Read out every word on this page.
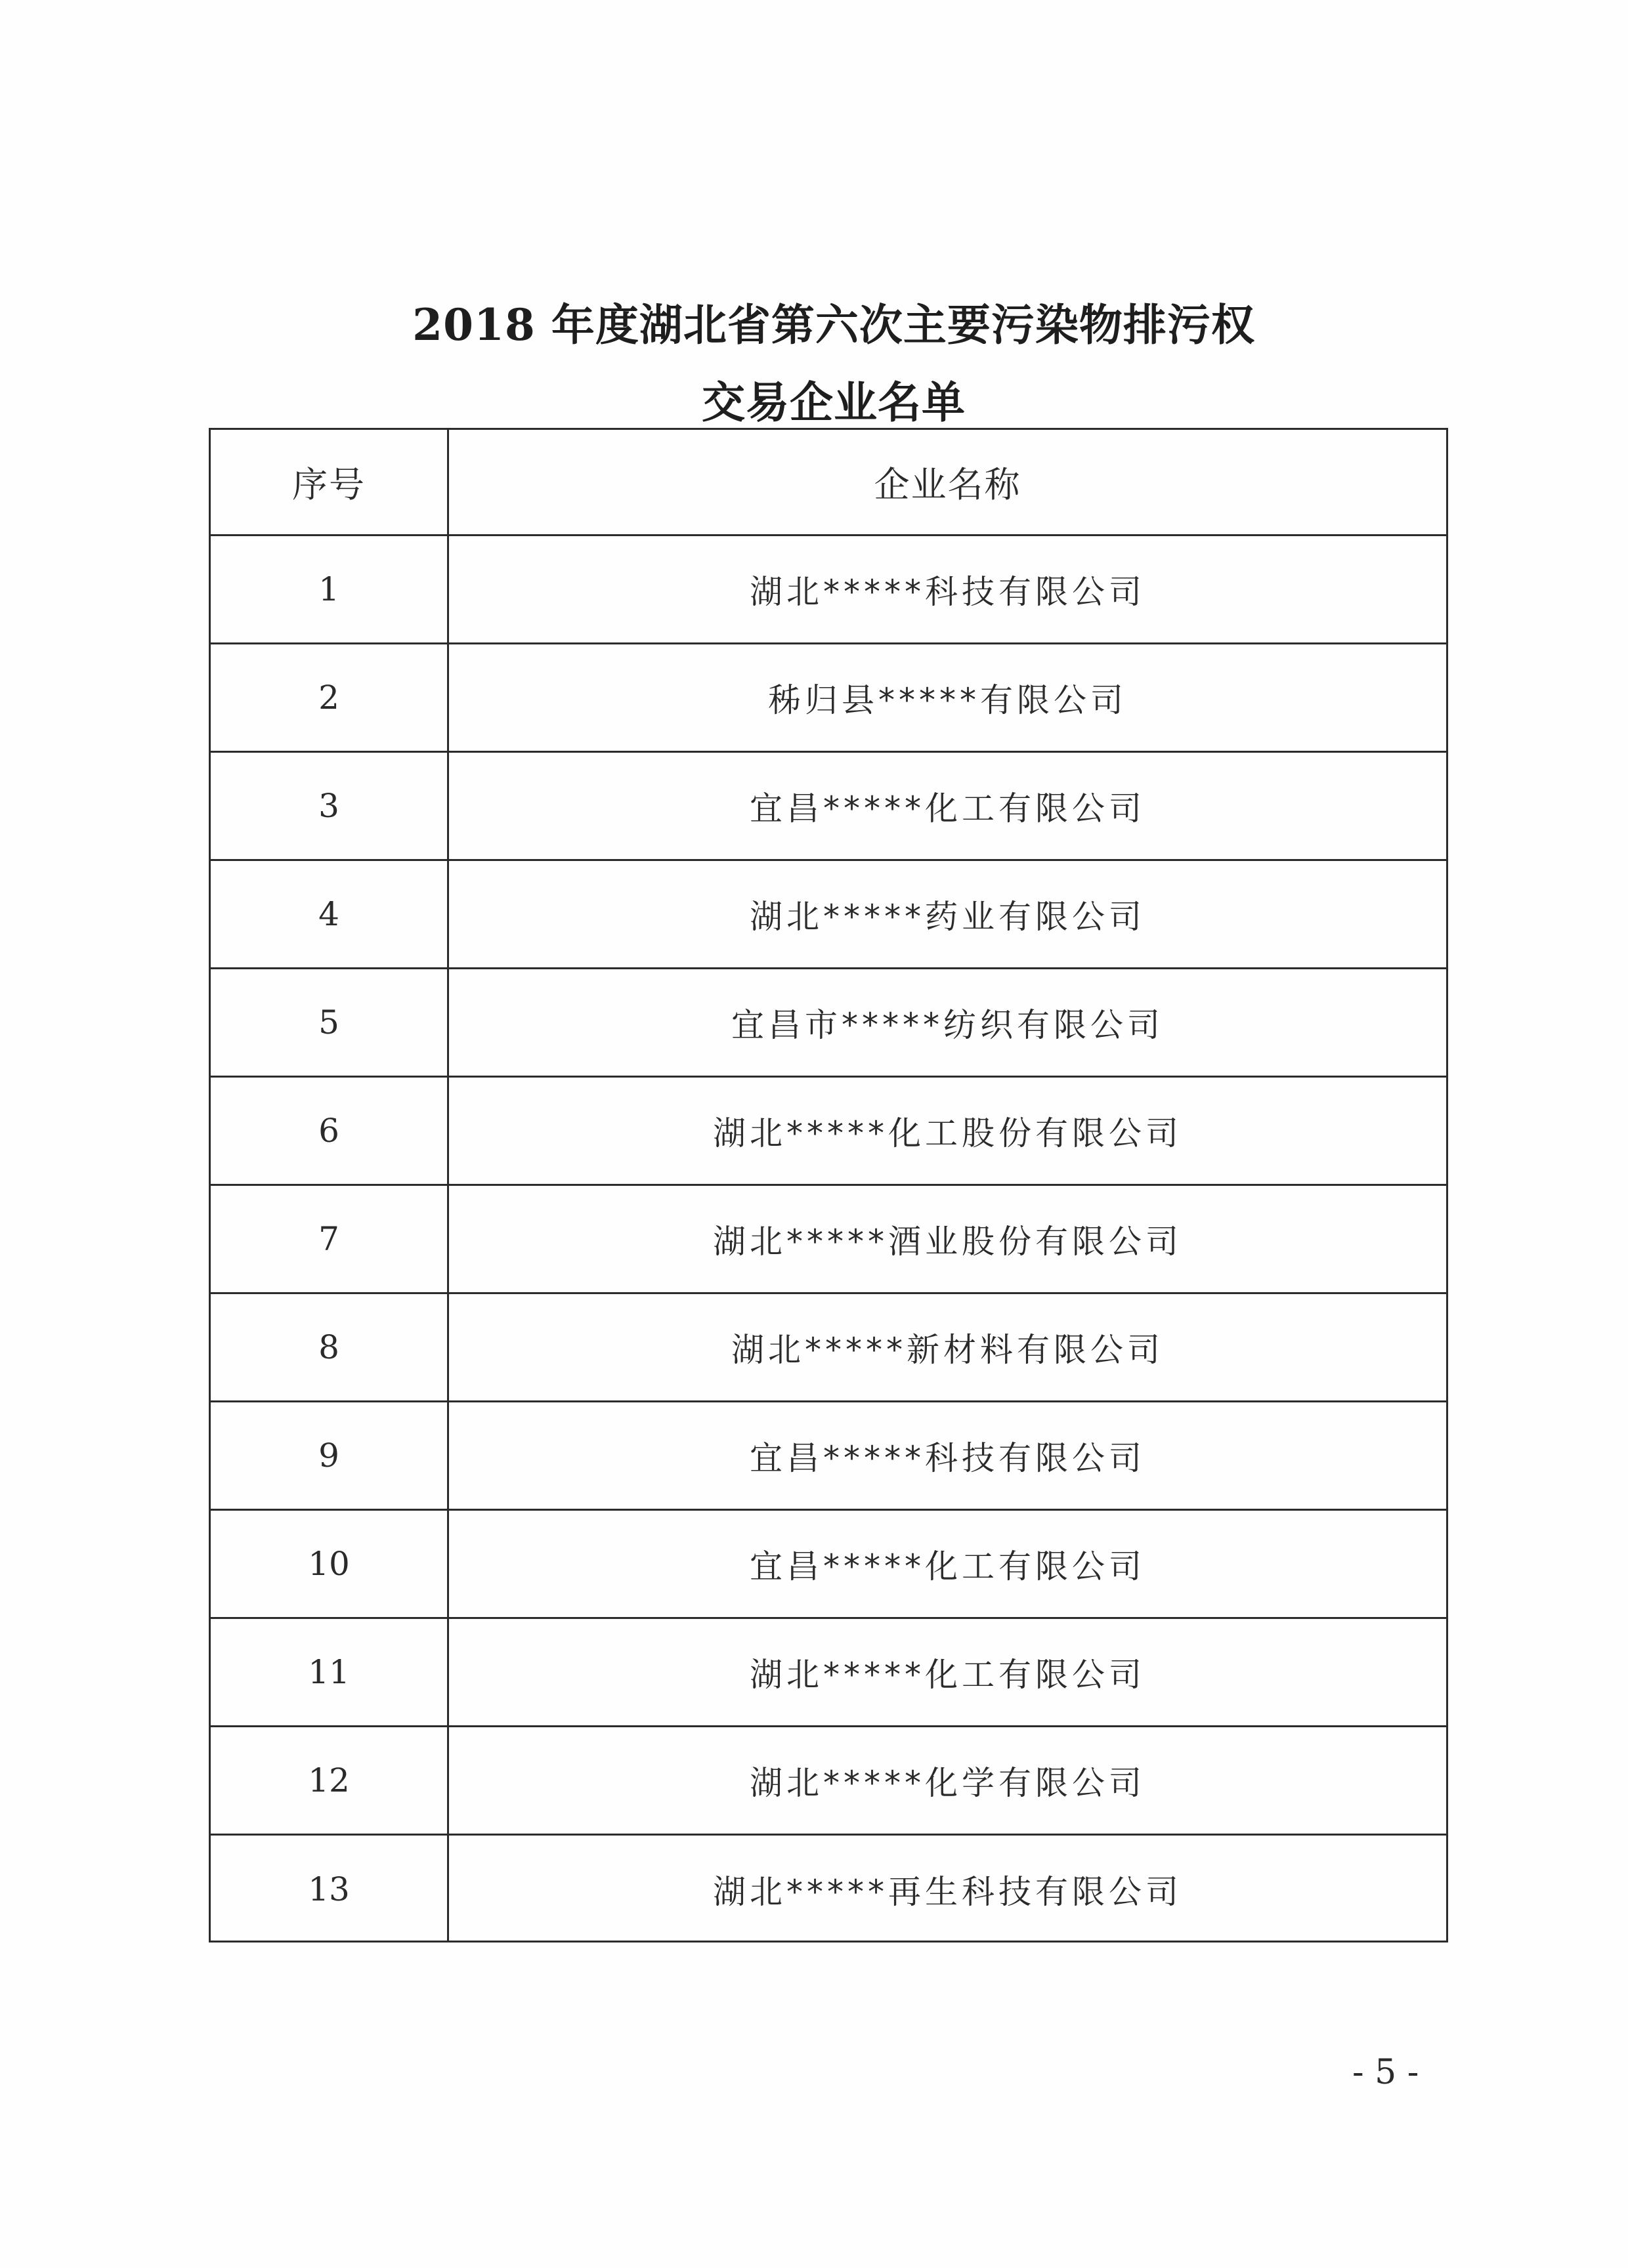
2018 年度湖北省第六次主要污染物排污权
交易企业名单
序号	企业名称
1	湖北*****科技有限公司
2	秭归县*****有限公司
3	宜昌*****化工有限公司
4	湖北*****药业有限公司
5	宜昌市*****纺织有限公司
6	湖北*****化工股份有限公司
7	湖北*****酒业股份有限公司
8	湖北*****新材料有限公司
9	宜昌*****科技有限公司
10	宜昌*****化工有限公司
11	湖北*****化工有限公司
12	湖北*****化学有限公司
13	湖北*****再生科技有限公司
- 5 -
